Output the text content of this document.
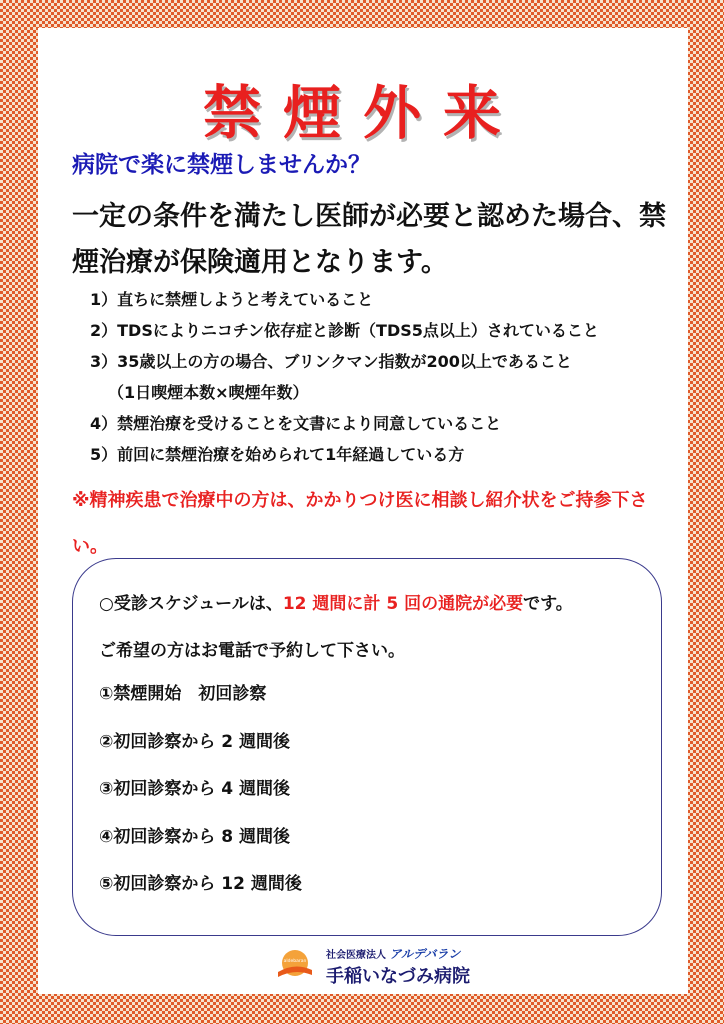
禁煙外来
病院で楽に禁煙しませんか？
一定の条件を満たし医師が必要と認めた場合、禁煙治療が保険適用となります。
1）直ちに禁煙しようと考えていること
2）TDSによりニコチン依存症と診断（TDS5点以上）されていること
3）35歳以上の方の場合、ブリンクマン指数が200以上であること
（1日喫煙本数×喫煙年数）
4）禁煙治療を受けることを文書により同意していること
5）前回に禁煙治療を始められて1年経過している方
※精神疾患で治療中の方は、かかりつけ医に相談し紹介状をご持参下さい。
○受診スケジュールは、12 週間に計 5 回の通院が必要です。
ご希望の方はお電話で予約して下さい。
①禁煙開始　初回診察
②初回診察から 2 週間後
③初回診察から 4 週間後
④初回診察から 8 週間後
⑤初回診察から 12 週間後
aldebaran
社会医療法人 アルデバラン
手稲いなづみ病院
